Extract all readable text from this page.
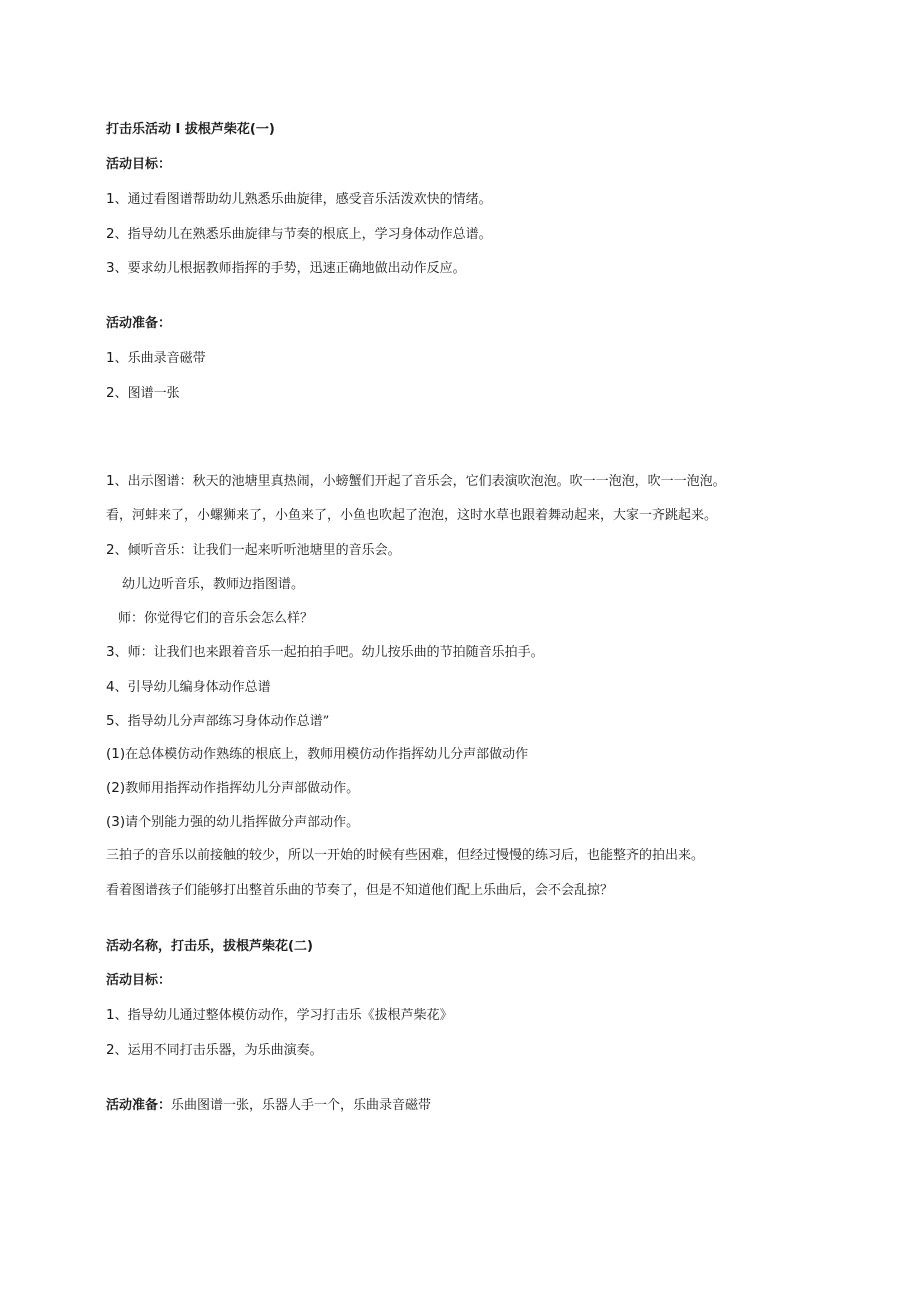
打击乐活动 I 拔根芦柴花(一)
活动目标：
1、通过看图谱帮助幼儿熟悉乐曲旋律，感受音乐活泼欢快的情绪。
2、指导幼儿在熟悉乐曲旋律与节奏的根底上，学习身体动作总谱。
3、要求幼儿根据教师指挥的手势，迅速正确地做出动作反应。
活动准备：
1、乐曲录音磁带
2、图谱一张
1、出示图谱：秋天的池塘里真热闹，小螃蟹们开起了音乐会，它们表演吹泡泡。吹一一泡泡，吹一一泡泡。
看，河蚌来了，小螺狮来了，小鱼来了，小鱼也吹起了泡泡，这时水草也跟着舞动起来，大家一齐跳起来。
2、倾听音乐：让我们一起来听听池塘里的音乐会。
幼儿边听音乐，教师边指图谱。
师：你觉得它们的音乐会怎么样？
3、师：让我们也来跟着音乐一起拍拍手吧。幼儿按乐曲的节拍随音乐拍手。
4、引导幼儿编身体动作总谱
5、指导幼儿分声部练习身体动作总谱”
(1)在总体模仿动作熟练的根底上，教师用模仿动作指挥幼儿分声部做动作
(2)教师用指挥动作指挥幼儿分声部做动作。
(3)请个别能力强的幼儿指挥做分声部动作。
三拍子的音乐以前接触的较少，所以一开始的时候有些困难，但经过慢慢的练习后，也能整齐的拍出来。
看着图谱孩子们能够打出整首乐曲的节奏了，但是不知道他们配上乐曲后，会不会乱掠？
活动名称，打击乐，拔根芦柴花(二)
活动目标：
1、指导幼儿通过整体模仿动作，学习打击乐《拔根芦柴花》
2、运用不同打击乐器，为乐曲演奏。
活动准备：乐曲图谱一张，乐器人手一个，乐曲录音磁带
